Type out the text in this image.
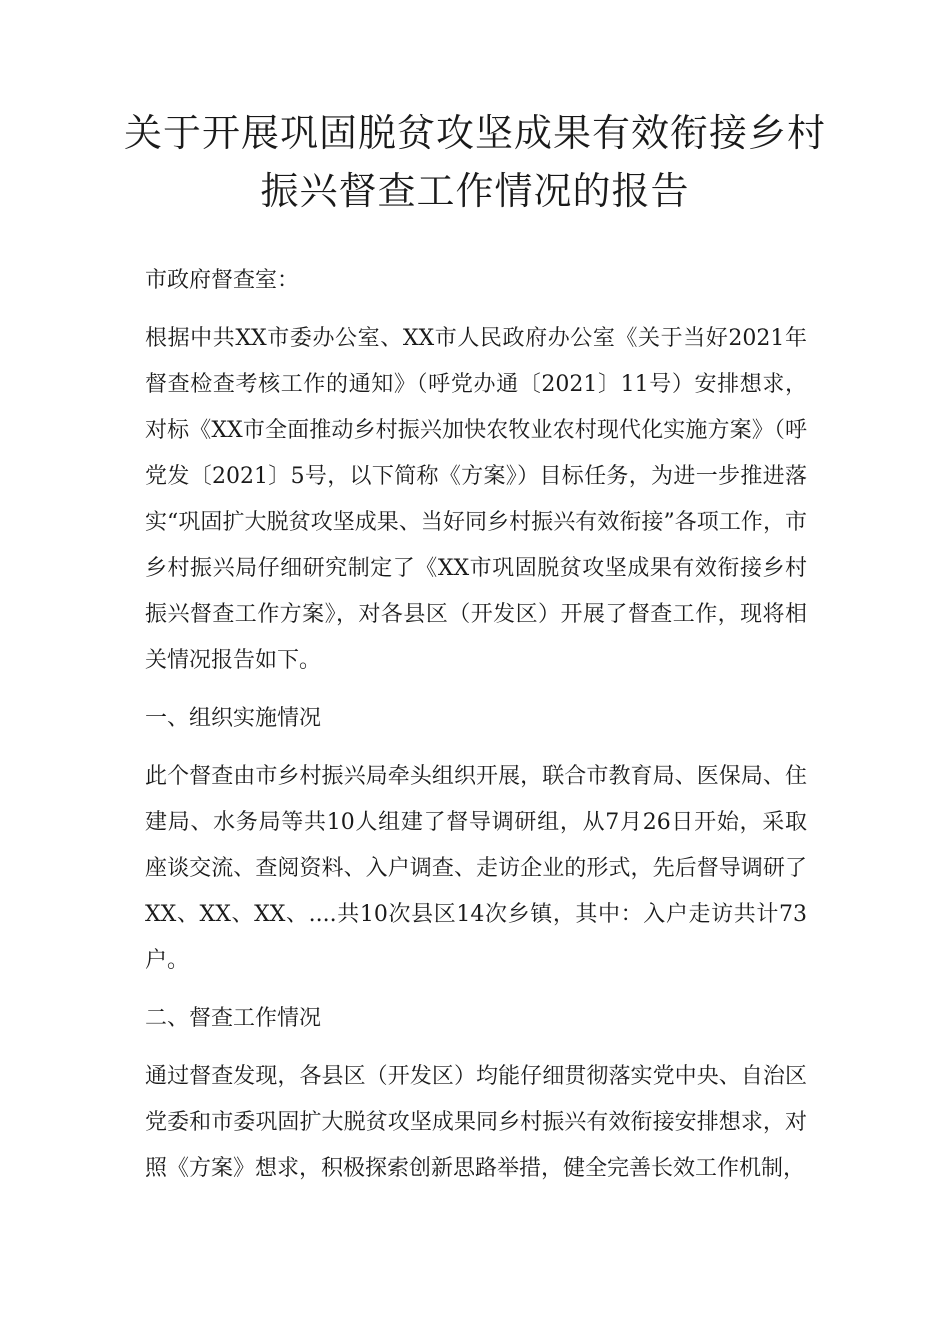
关于开展巩固脱贫攻坚成果有效衔接乡村
振兴督查工作情况的报告

市政府督查室：

根据中共XX市委办公室、XX市人民政府办公室《关于当好2021年督查检查考核工作的通知》（呼党办通〔2021〕11号）安排想求，对标《XX市全面推动乡村振兴加快农牧业农村现代化实施方案》（呼党发〔2021〕5号，以下简称《方案》）目标任务，为进一步推进落实“巩固扩大脱贫攻坚成果、当好同乡村振兴有效衔接”各项工作，市乡村振兴局仔细研究制定了《XX市巩固脱贫攻坚成果有效衔接乡村振兴督查工作方案》，对各县区（开发区）开展了督查工作，现将相关情况报告如下。

一、组织实施情况

此个督查由市乡村振兴局牵头组织开展，联合市教育局、医保局、住建局、水务局等共10人组建了督导调研组，从7月26日开始，采取座谈交流、查阅资料、入户调查、走访企业的形式，先后督导调研了XX、XX、XX、....共10次县区14次乡镇，其中：入户走访共计73户。

二、督查工作情况

通过督查发现，各县区（开发区）均能仔细贯彻落实党中央、自治区党委和市委巩固扩大脱贫攻坚成果同乡村振兴有效衔接安排想求，对照《方案》想求，积极探索创新思路举措，健全完善长效工作机制，
